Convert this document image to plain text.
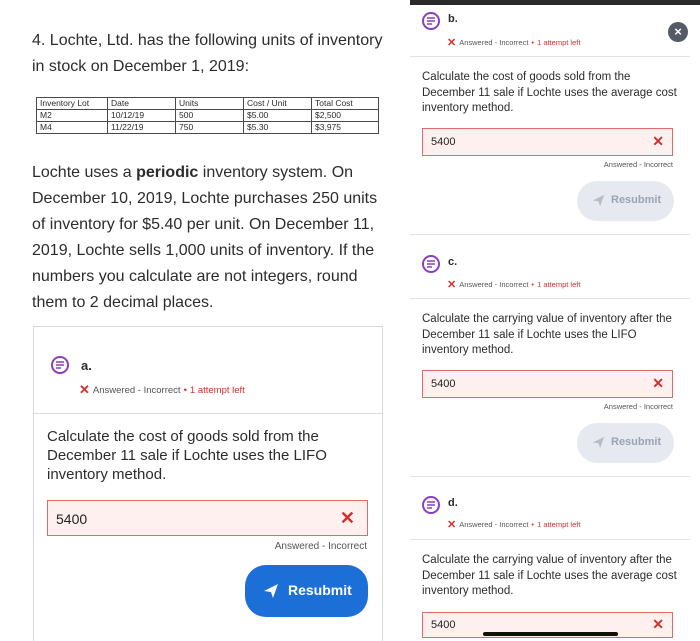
4. Lochte, Ltd. has the following units of inventory in stock on December 1, 2019:
Inventory Lot	Date	Units	Cost / Unit	Total Cost
M2	10/12/19	500	$5.00	$2,500
M4	11/22/19	750	$5.30	$3,975
Lochte uses a periodic inventory system. On December 10, 2019, Lochte purchases 250 units of inventory for $5.40 per unit. On December 11, 2019, Lochte sells 1,000 units of inventory. If the numbers you calculate are not integers, round them to 2 decimal places.
a.
✕ Answered - Incorrect • 1 attempt left
Calculate the cost of goods sold from the December 11 sale if Lochte uses the LIFO inventory method.
5400	✕
Answered - Incorrect
Resubmit
×
b.
✕ Answered - Incorrect • 1 attempt left
Calculate the cost of goods sold from the December 11 sale if Lochte uses the average cost inventory method.
5400	✕
Answered - Incorrect
Resubmit
c.
✕ Answered - Incorrect • 1 attempt left
Calculate the carrying value of inventory after the December 11 sale if Lochte uses the LIFO inventory method.
5400	✕
Answered - Incorrect
Resubmit
d.
✕ Answered - Incorrect • 1 attempt left
Calculate the carrying value of inventory after the December 11 sale if Lochte uses the average cost inventory method.
5400	✕
